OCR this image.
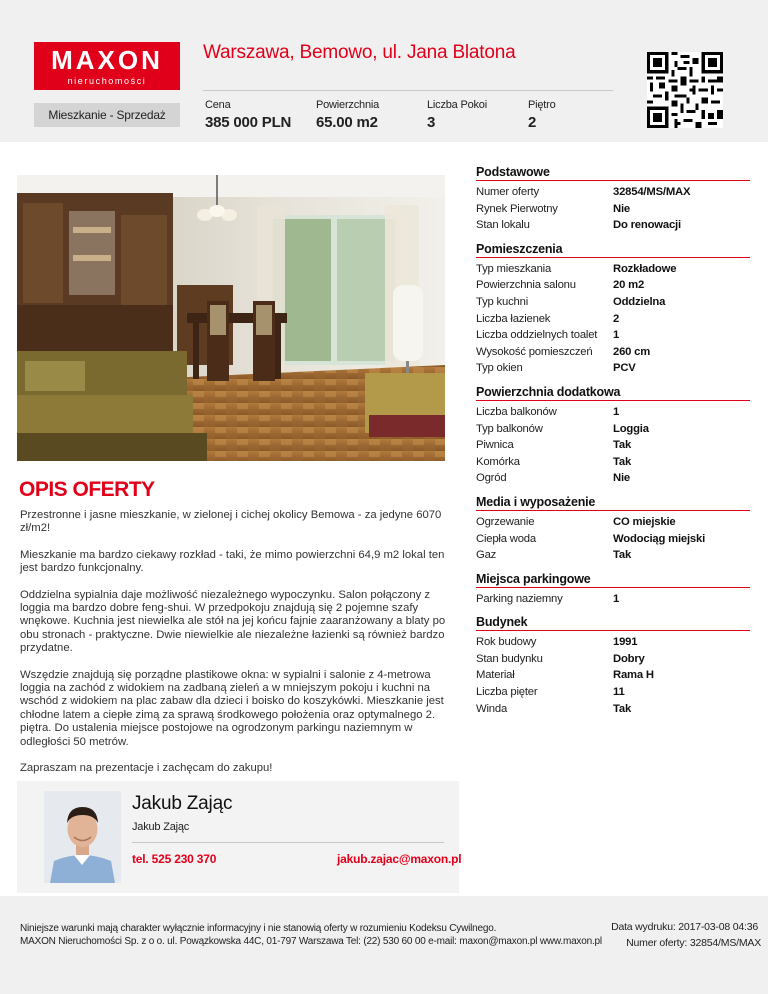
MAXON
nieruchomości
Warszawa, Bemowo, ul. Jana Blatona
Mieszkanie - Sprzedaż
Cena
385 000 PLN
Powierzchnia
65.00 m2
Liczba Pokoi
3
Piętro
2
OPIS OFERTY

Przestronne i jasne mieszkanie, w zielonej i cichej okolicy Bemowa - za jedyne 6070 zł/m2!

Mieszkanie ma bardzo ciekawy rozkład - taki, że mimo powierzchni 64,9 m2 lokal ten jest bardzo funkcjonalny.

Oddzielna sypialnia daje możliwość niezależnego wypoczynku. Salon połączony z loggia ma bardzo dobre feng-shui. W przedpokoju znajdują się 2 pojemne szafy wnękowe. Kuchnia jest niewielka ale stół na jej końcu fajnie zaaranżowany a blaty po obu stronach - praktyczne. Dwie niewielkie ale niezależne łazienki są również bardzo przydatne.

Wszędzie znajdują się porządne plastikowe okna: w sypialni i salonie z 4-metrowa loggia na zachód z widokiem na zadbaną zieleń a w mniejszym pokoju i kuchni na wschód z widokiem na plac zabaw dla dzieci i boisko do koszykówki. Mieszkanie jest chłodne latem a ciepłe zimą za sprawą środkowego położenia oraz optymalnego 2. piętra. Do ustalenia miejsce postojowe na ogrodzonym parkingu naziemnym w odległości 50 metrów.

Zapraszam na prezentacje i zachęcam do zakupu!

Podstawowe
Numer oferty	32854/MS/MAX
Rynek Pierwotny	Nie
Stan lokalu	Do renowacji
Pomieszczenia
Typ mieszkania	Rozkładowe
Powierzchnia salonu	20 m2
Typ kuchni	Oddzielna
Liczba łazienek	2
Liczba oddzielnych toalet	1
Wysokość pomieszczeń	260 cm
Typ okien	PCV
Powierzchnia dodatkowa
Liczba balkonów	1
Typ balkonów	Loggia
Piwnica	Tak
Komórka	Tak
Ogród	Nie
Media i wyposażenie
Ogrzewanie	CO miejskie
Ciepła woda	Wodociąg miejski
Gaz	Tak
Miejsca parkingowe
Parking naziemny	1
Budynek
Rok budowy	1991
Stan budynku	Dobry
Materiał	Rama H
Liczba pięter	11
Winda	Tak
Jakub Zając
Jakub Zając
tel. 525 230 370	jakub.zajac@maxon.pl
Niniejsze warunki mają charakter wyłącznie informacyjny i nie stanowią oferty w rozumieniu Kodeksu Cywilnego.
MAXON Nieruchomości Sp. z o o. ul. Powązkowska 44C, 01-797 Warszawa Tel: (22) 530 60 00 e-mail: maxon@maxon.pl www.maxon.pl
Data wydruku: 2017-03-08 04:36
Numer oferty: 32854/MS/MAX
